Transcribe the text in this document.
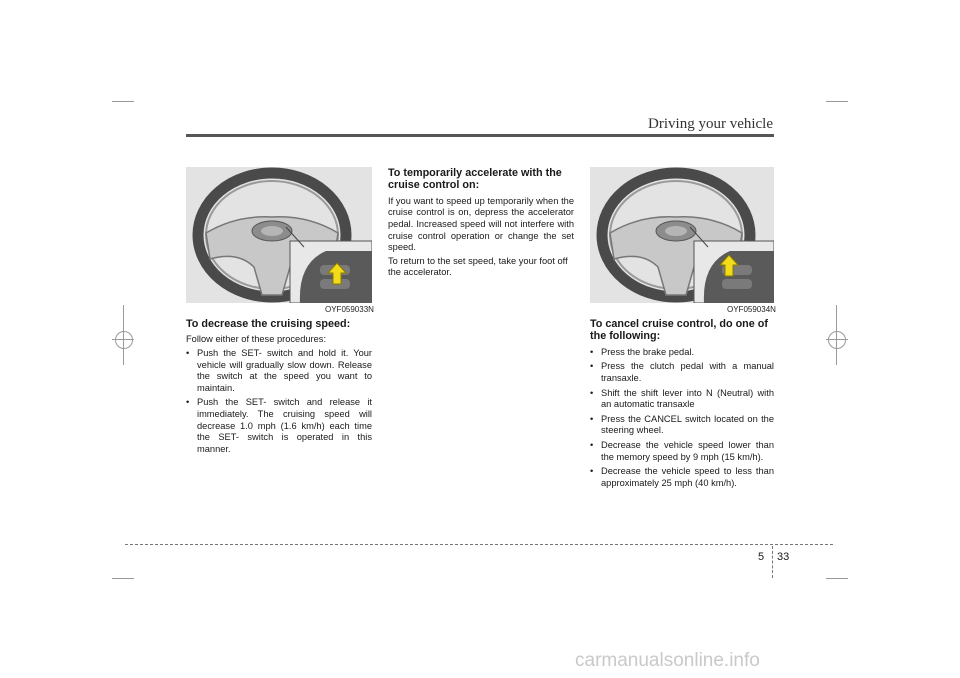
Driving your vehicle
OYF059033N	OYF059034N
To decrease the cruising speed:
Follow either of these procedures:
• Push the SET- switch and hold it. Your vehicle will gradually slow down. Release the switch at the speed you want to maintain.
• Push the SET- switch and release it immediately. The cruising speed will decrease 1.0 mph (1.6 km/h) each time the SET- switch is operated in this manner.
To temporarily accelerate with the cruise control on:
If you want to speed up temporarily when the cruise control is on, depress the accelerator pedal. Increased speed will not interfere with cruise control operation or change the set speed.
To return to the set speed, take your foot off the accelerator.
To cancel cruise control, do one of the following:
• Press the brake pedal.
• Press the clutch pedal with a manual transaxle.
• Shift the shift lever into N (Neutral) with an automatic transaxle
• Press the CANCEL switch located on the steering wheel.
• Decrease the vehicle speed lower than the memory speed by 9 mph (15 km/h).
• Decrease the vehicle speed to less than approximately 25 mph (40 km/h).
5 33
carmanualsonline.info
